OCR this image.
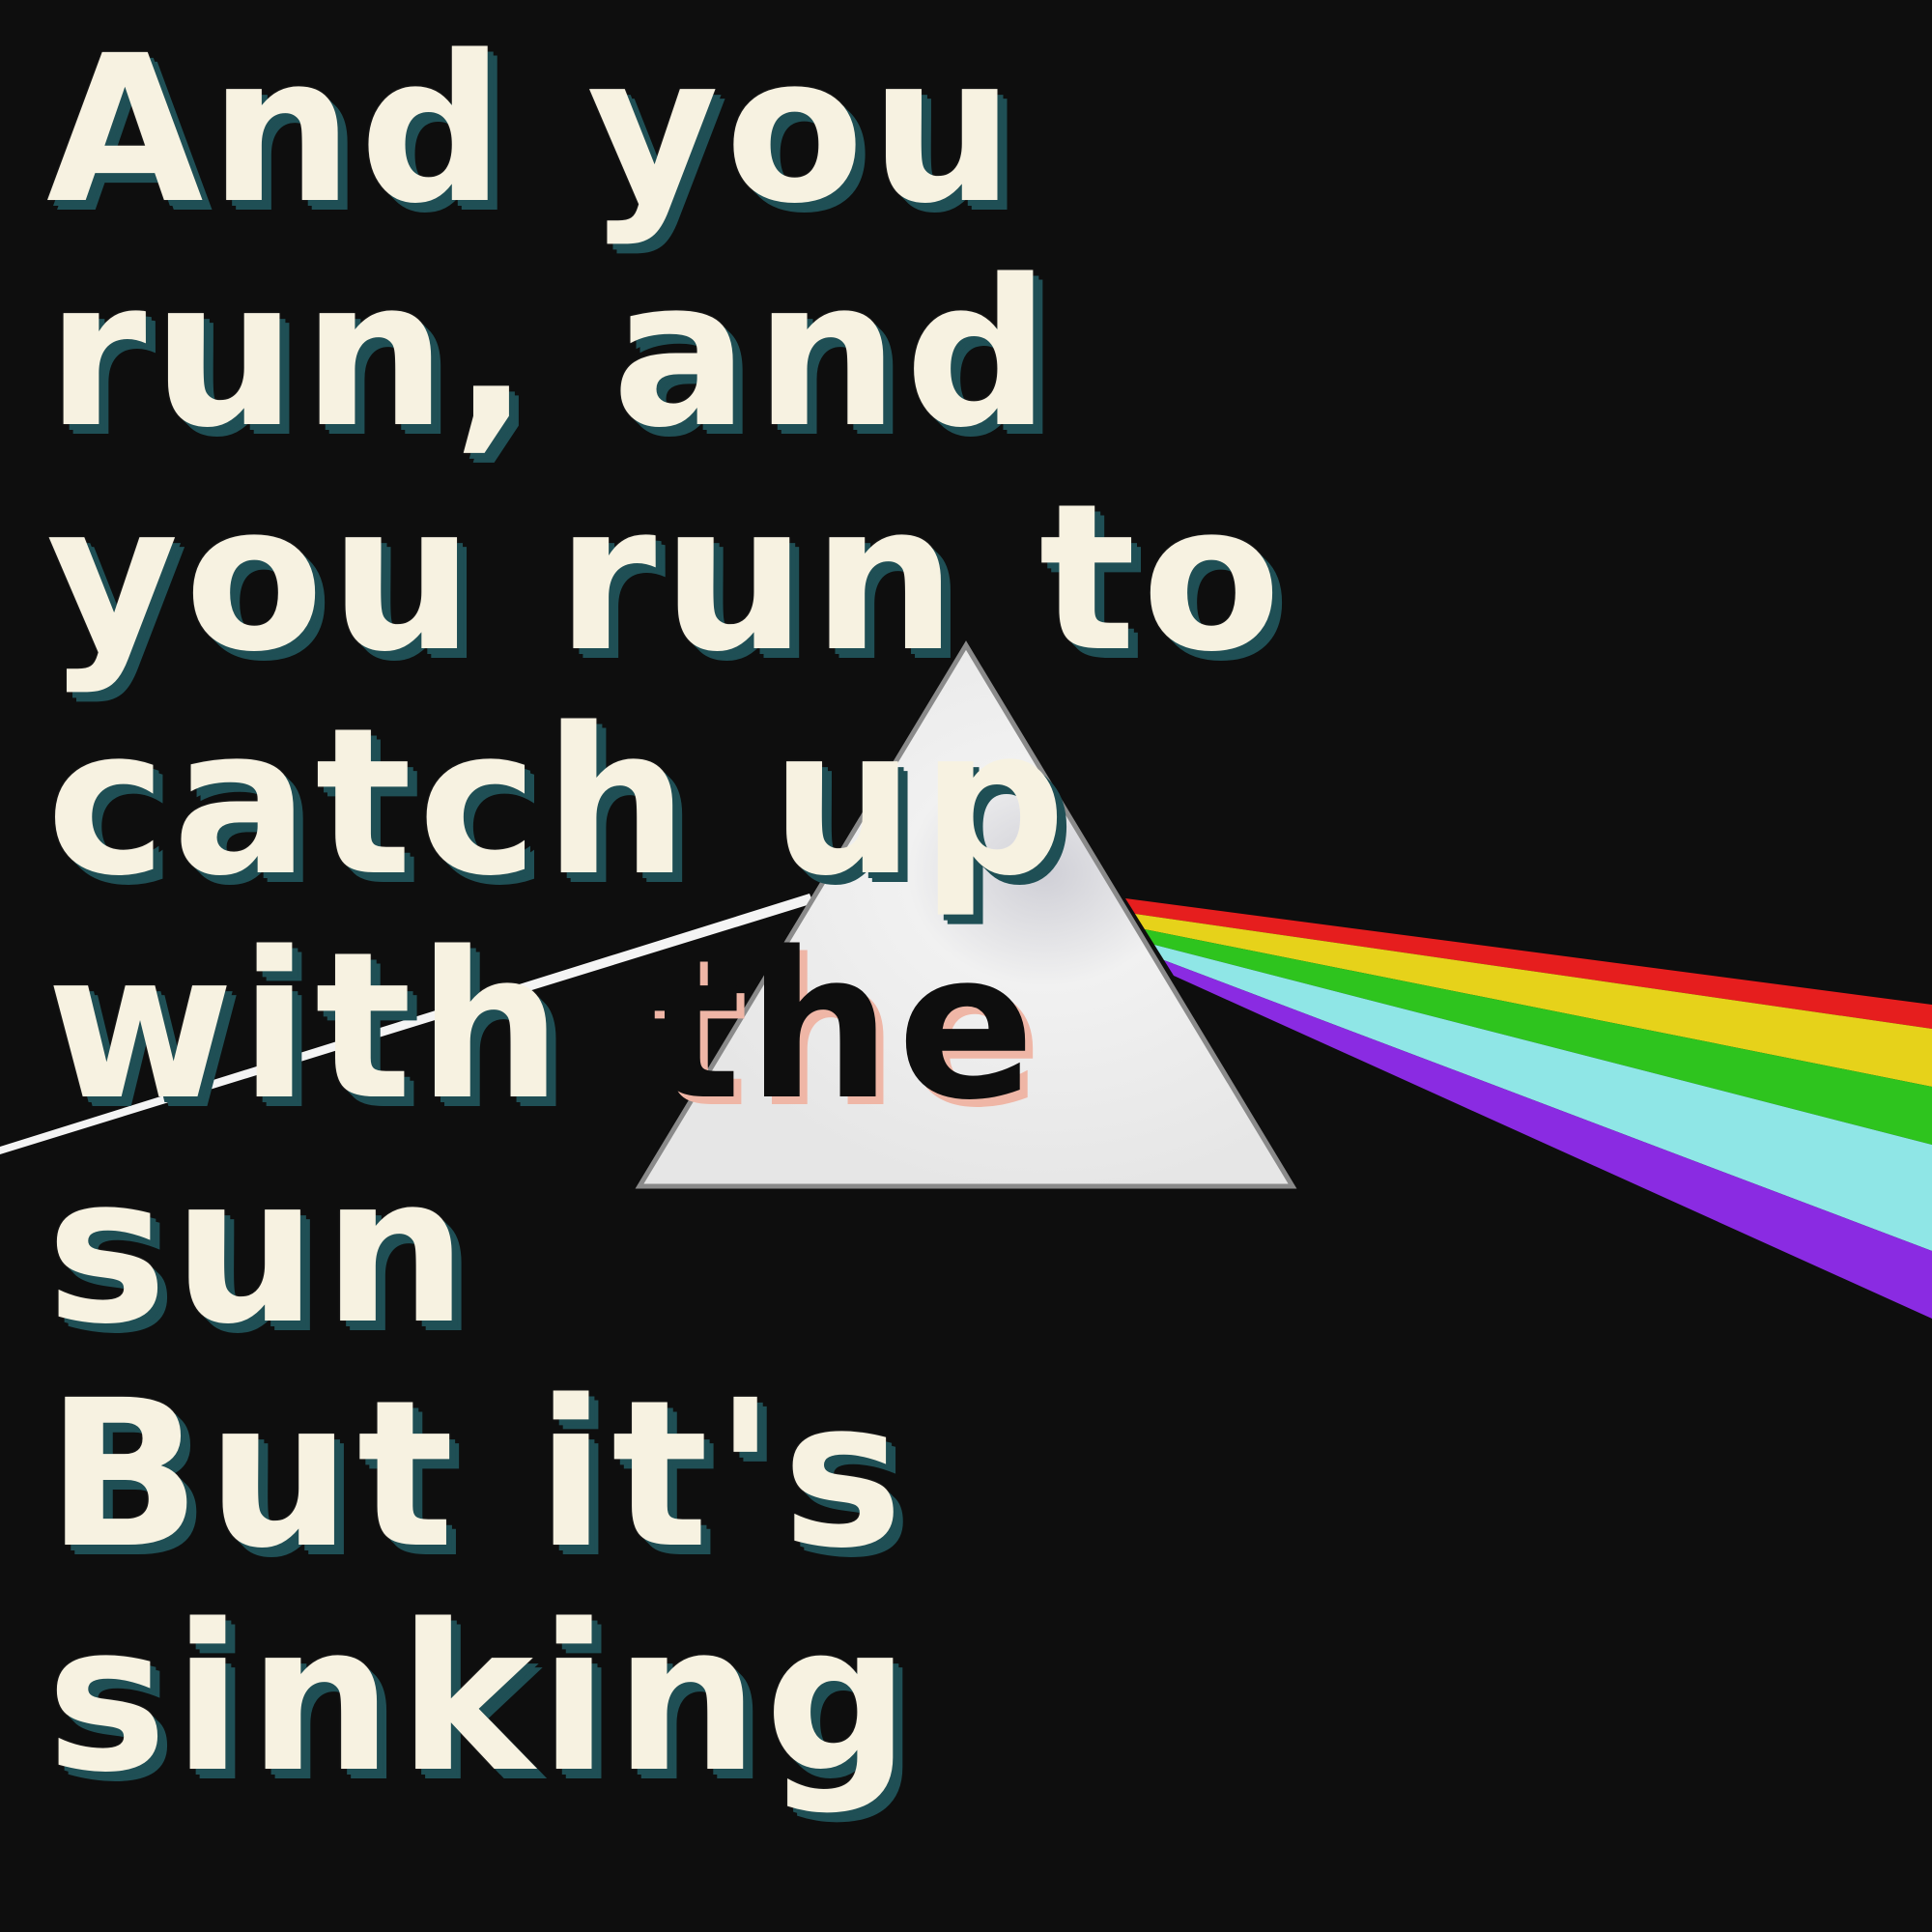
And you
run, and
you run to
catch up
with the
sun
But it's
sinking
